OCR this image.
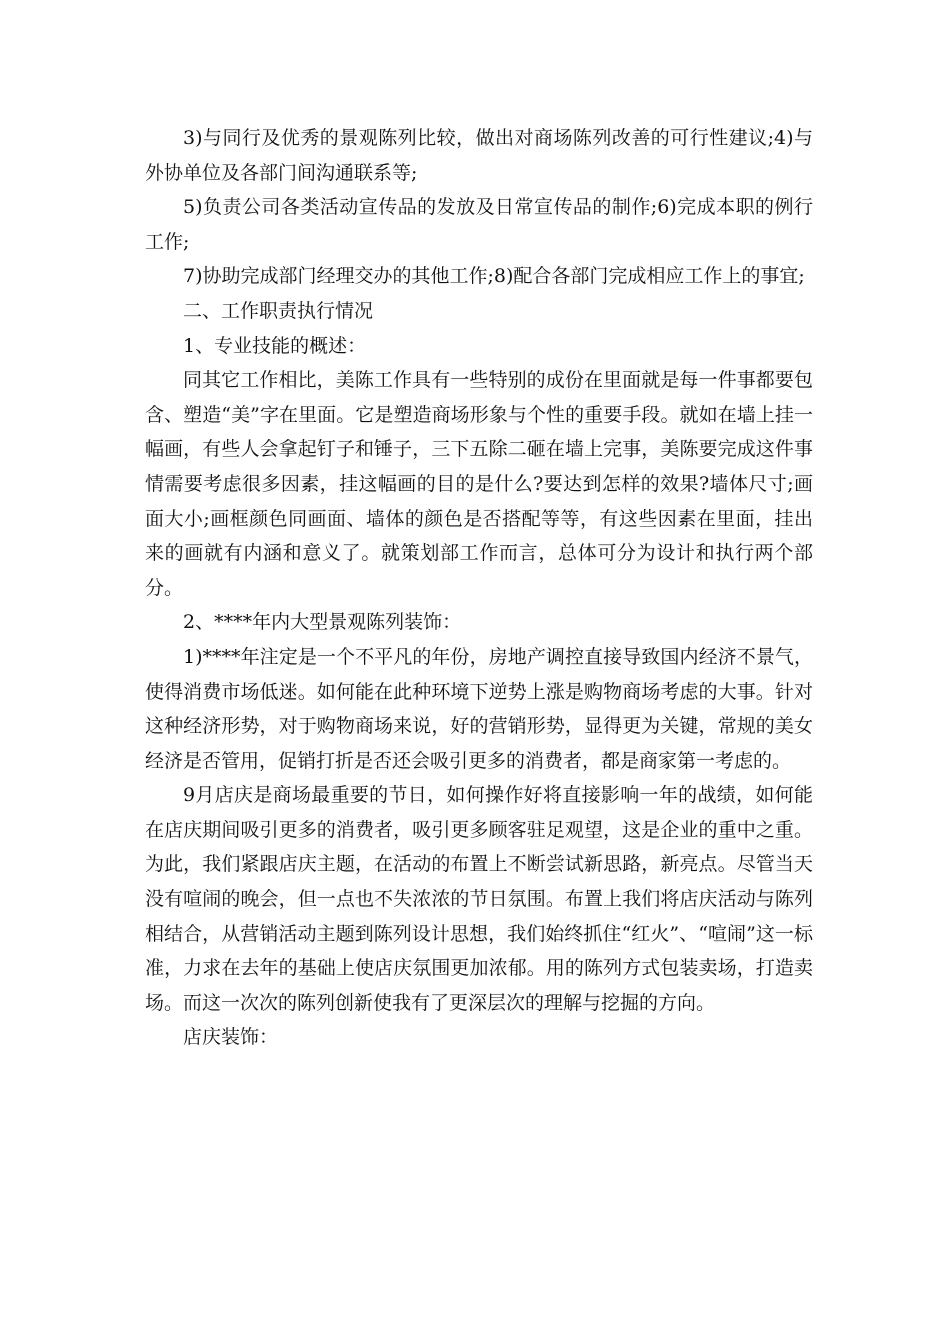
3)与同行及优秀的景观陈列比较，做出对商场陈列改善的可行性建议;4)与外协单位及各部门间沟通联系等;

5)负责公司各类活动宣传品的发放及日常宣传品的制作;6)完成本职的例行工作;

7)协助完成部门经理交办的其他工作;8)配合各部门完成相应工作上的事宜;

二、工作职责执行情况

1、专业技能的概述：

同其它工作相比，美陈工作具有一些特别的成份在里面就是每一件事都要包含、塑造“美”字在里面。它是塑造商场形象与个性的重要手段。就如在墙上挂一幅画，有些人会拿起钉子和锤子，三下五除二砸在墙上完事，美陈要完成这件事情需要考虑很多因素，挂这幅画的目的是什么?要达到怎样的效果?墙体尺寸;画面大小;画框颜色同画面、墙体的颜色是否搭配等等，有这些因素在里面，挂出来的画就有内涵和意义了。就策划部工作而言，总体可分为设计和执行两个部分。

2、****年内大型景观陈列装饰：

1)****年注定是一个不平凡的年份，房地产调控直接导致国内经济不景气，使得消费市场低迷。如何能在此种环境下逆势上涨是购物商场考虑的大事。针对这种经济形势，对于购物商场来说，好的营销形势，显得更为关键，常规的美女经济是否管用，促销打折是否还会吸引更多的消费者，都是商家第一考虑的。

9月店庆是商场最重要的节日，如何操作好将直接影响一年的战绩，如何能在店庆期间吸引更多的消费者，吸引更多顾客驻足观望，这是企业的重中之重。为此，我们紧跟店庆主题，在活动的布置上不断尝试新思路，新亮点。尽管当天没有喧闹的晚会，但一点也不失浓浓的节日氛围。布置上我们将店庆活动与陈列相结合，从营销活动主题到陈列设计思想，我们始终抓住“红火”、“喧闹”这一标准，力求在去年的基础上使店庆氛围更加浓郁。用的陈列方式包装卖场，打造卖场。而这一次次的陈列创新使我有了更深层次的理解与挖掘的方向。

店庆装饰：
